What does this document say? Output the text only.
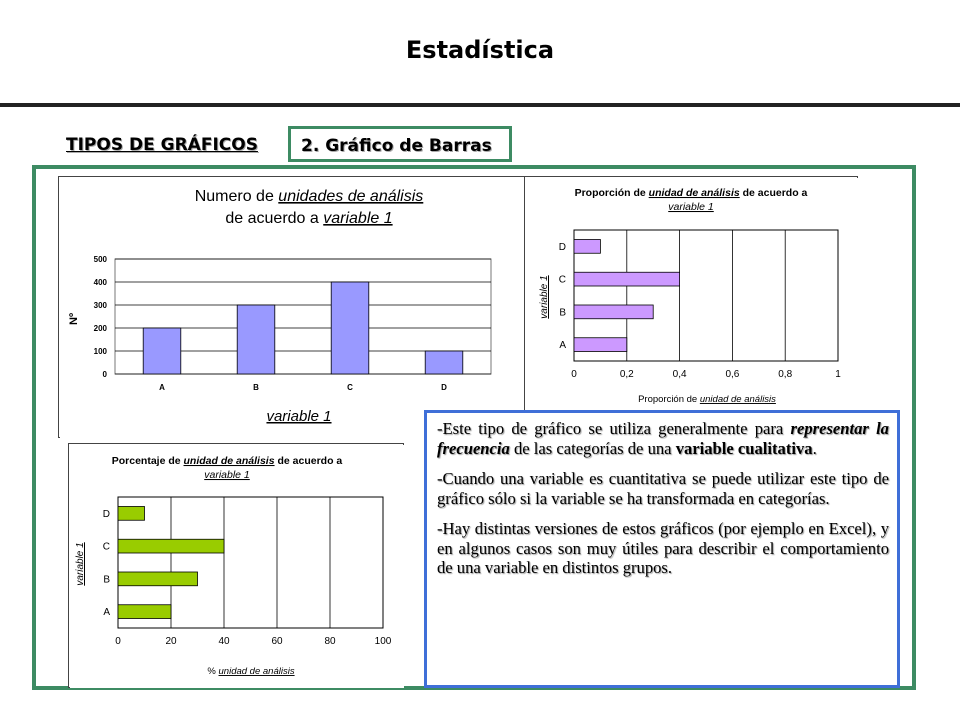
Estadística
TIPOS DE GRÁFICOS	2. Gráfico de Barras
Numero de unidades de análisis
de acuerdo a variable 1
0
100
200
300
400
500
A	B	C	D
Nº
variable 1
Proporción de unidad de análisis de acuerdo a
variable 1
0	0,2	0,4	0,6	0,8	1
A
B
C
D
variable 1
Proporción de unidad de análisis
Porcentaje de unidad de análisis de acuerdo a
variable 1
0	20	40	60	80	100
A
B
C
D
variable 1
% unidad de análisis

-Este tipo de gráfico se utiliza generalmente para representar la frecuencia de las categorías de una variable cualitativa.

-Cuando una variable es cuantitativa se puede utilizar este tipo de gráfico sólo si la variable se ha transformada en categorías.

-Hay distintas versiones de estos gráficos (por ejemplo en Excel), y en algunos casos son muy útiles para describir el comportamiento de una variable en distintos grupos.
